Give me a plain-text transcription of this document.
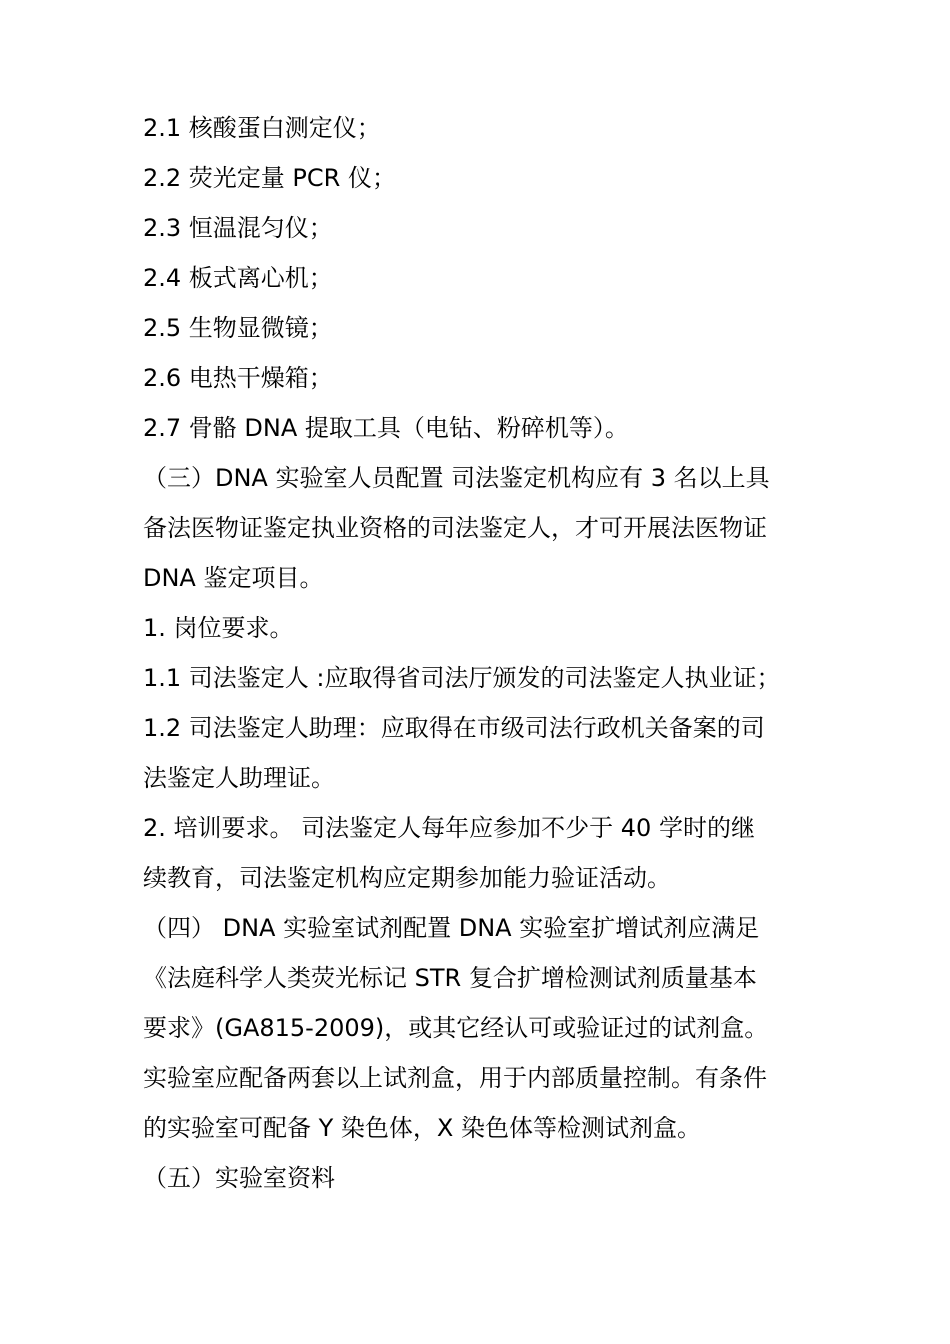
2.1 核酸蛋白测定仪；

2.2 荧光定量 PCR 仪；

2.3 恒温混匀仪；

2.4 板式离心机；

2.5 生物显微镜；

2.6 电热干燥箱；

2.7 骨骼 DNA 提取工具（电钻、粉碎机等）。

（三）DNA 实验室人员配置 司法鉴定机构应有 3 名以上具

备法医物证鉴定执业资格的司法鉴定人，才可开展法医物证

DNA 鉴定项目。

1. 岗位要求。

1.1 司法鉴定人 :应取得省司法厅颁发的司法鉴定人执业证；

1.2 司法鉴定人助理：应取得在市级司法行政机关备案的司

法鉴定人助理证。

2. 培训要求。 司法鉴定人每年应参加不少于 40 学时的继

续教育，司法鉴定机构应定期参加能力验证活动。

（四） DNA 实验室试剂配置 DNA 实验室扩增试剂应满足

《法庭科学人类荧光标记 STR 复合扩增检测试剂质量基本

要求》(GA815-2009)，或其它经认可或验证过的试剂盒。

实验室应配备两套以上试剂盒，用于内部质量控制。有条件

的实验室可配备 Y 染色体，X 染色体等检测试剂盒。

（五）实验室资料
